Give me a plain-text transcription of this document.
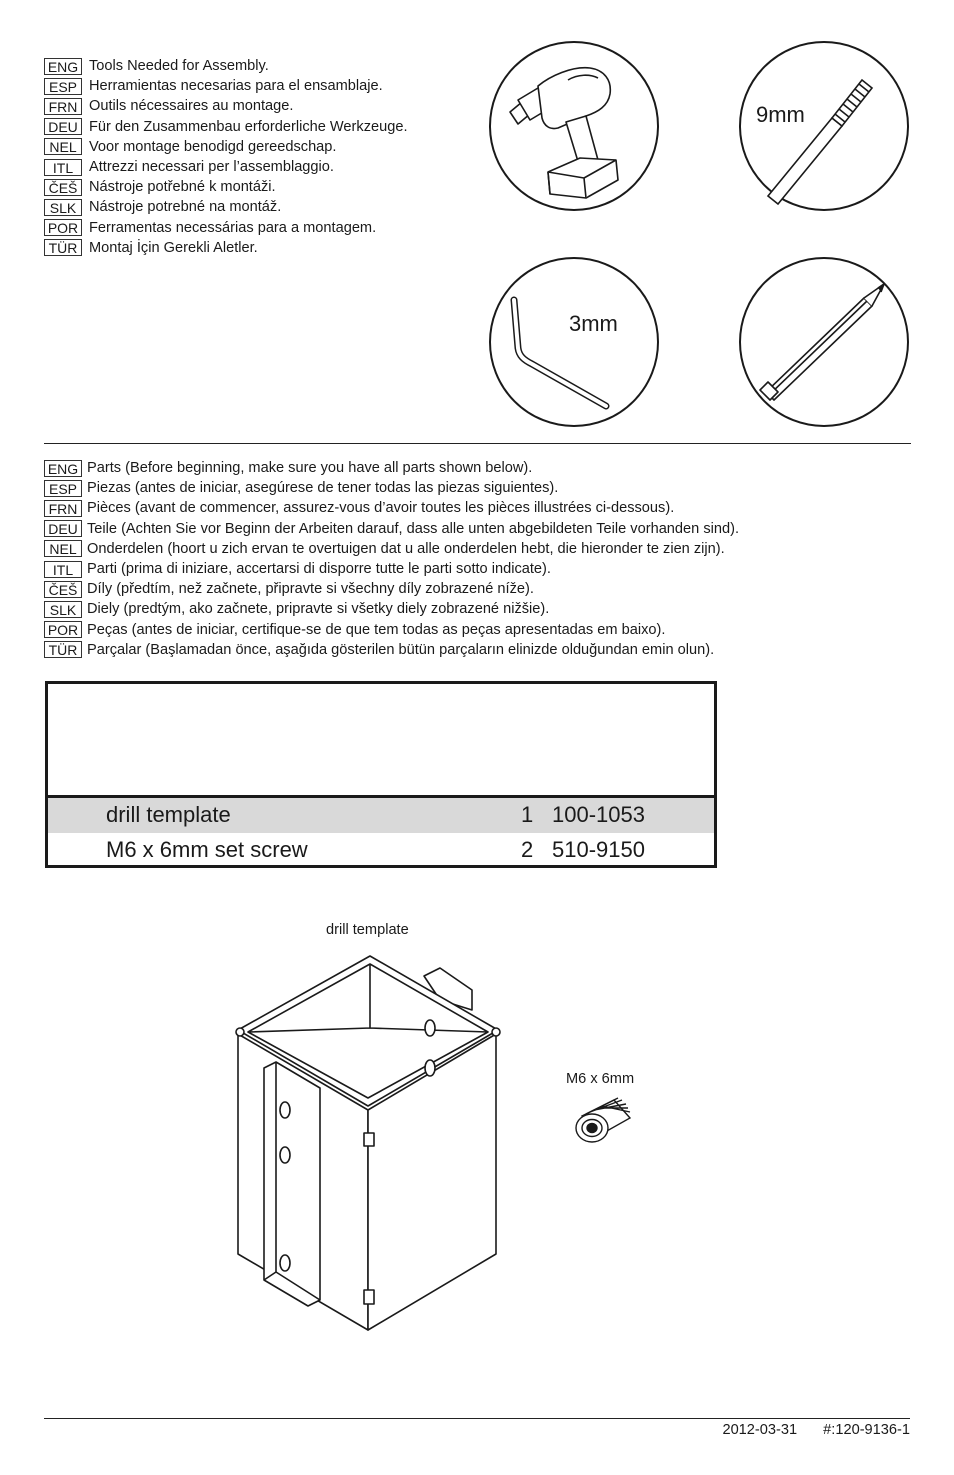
ENG Tools Needed for Assembly.
ESP Herramientas necesarias para el ensamblaje.
FRN Outils nécessaires au montage.
DEU Für den Zusammenbau erforderliche Werkzeuge.
NEL Voor montage benodigd gereedschap.
ITL	Attrezzi necessari per l’assemblaggio.
ČEŠ Nástroje potřebné k montáži.
SLK Nástroje potrebné na montáž.
POR Ferramentas necessárias para a montagem.
TÜR Montaj İçin Gerekli Aletler.
9mm
3mm
ENG Parts (Before beginning, make sure you have all parts shown below).
ESP Piezas (antes de iniciar, asegúrese de tener todas las piezas siguientes).
FRN Pièces (avant de commencer, assurez-vous d’avoir toutes les pièces illustrées ci-dessous).
DEU Teile (Achten Sie vor Beginn der Arbeiten darauf, dass alle unten abgebildeten Teile vorhanden sind).
NEL Onderdelen (hoort u zich ervan te overtuigen dat u alle onderdelen hebt, die hieronder te zien zijn).
ITL Parti (prima di iniziare, accertarsi di disporre tutte le parti sotto indicate).
ČEŠ Díly (předtím, než začnete, připravte si všechny díly zobrazené níže).
SLK Diely (predtým, ako začnete, pripravte si všetky diely zobrazené nižšie).
POR Peças (antes de iniciar, certifique-se de que tem todas as peças apresentadas em baixo).
TÜR Parçalar (Başlamadan önce, aşağıda gösterilen bütün parçaların elinizde olduğundan emin olun).
drill template	1 100-1053
M6 x 6mm set screw	2 510-9150
drill template
M6 x 6mm
2012-03-31 #:120-9136-1
